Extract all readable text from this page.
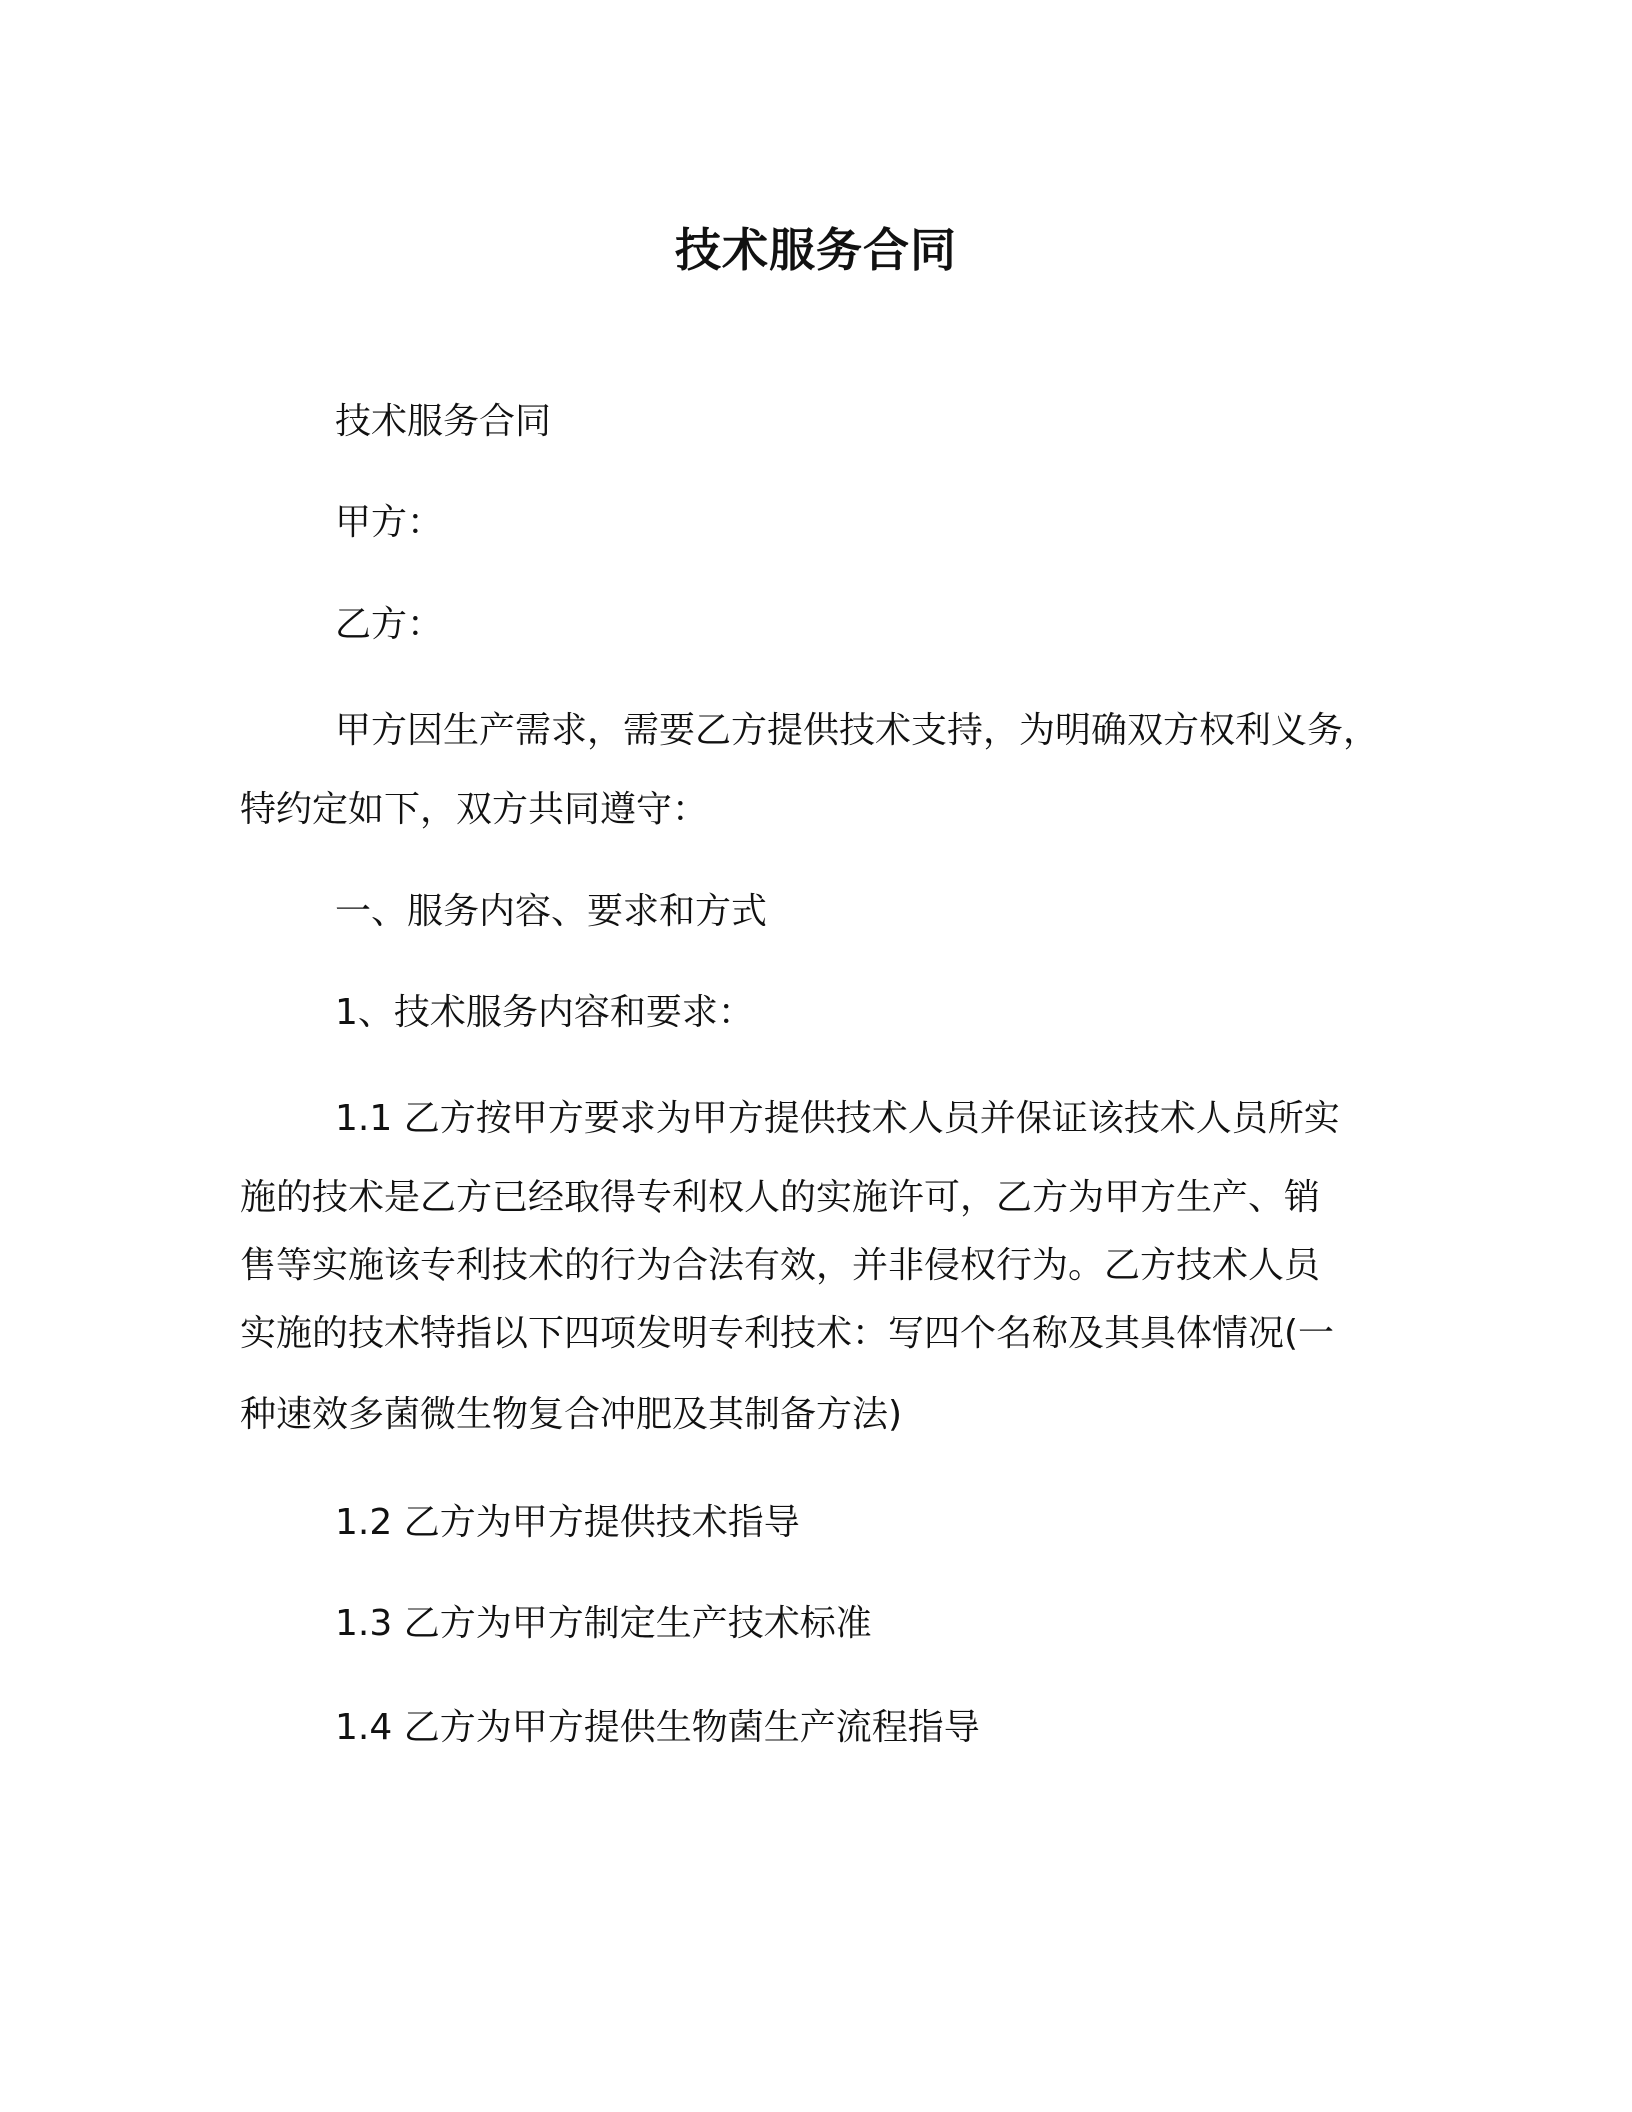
技术服务合同
技术服务合同
甲方：
乙方：
甲方因生产需求，需要乙方提供技术支持，为明确双方权利义务，
特约定如下，双方共同遵守：
一、服务内容、要求和方式
1、技术服务内容和要求：
1.1 乙方按甲方要求为甲方提供技术人员并保证该技术人员所实
施的技术是乙方已经取得专利权人的实施许可，乙方为甲方生产、销
售等实施该专利技术的行为合法有效，并非侵权行为。乙方技术人员
实施的技术特指以下四项发明专利技术：写四个名称及其具体情况(一
种速效多菌微生物复合冲肥及其制备方法)
1.2 乙方为甲方提供技术指导
1.3 乙方为甲方制定生产技术标准
1.4 乙方为甲方提供生物菌生产流程指导
